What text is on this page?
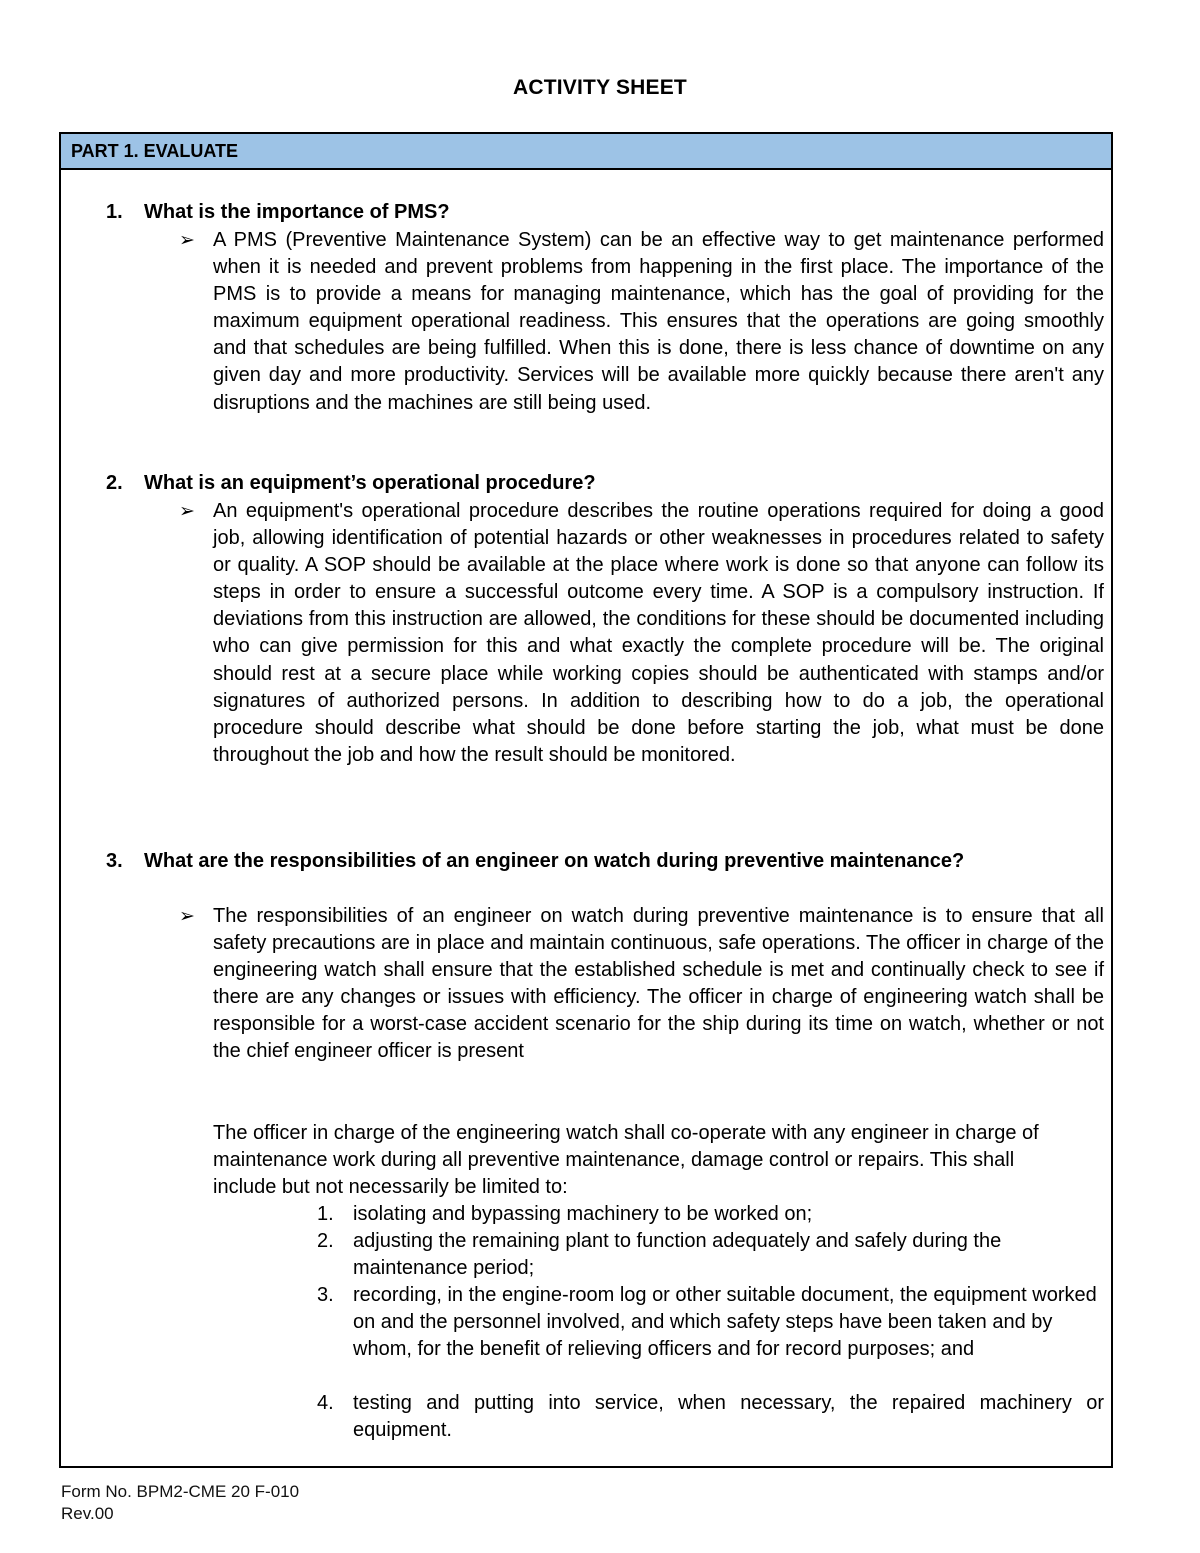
ACTIVITY SHEET
PART 1. EVALUATE
1. What is the importance of PMS?
➢ A PMS (Preventive Maintenance System) can be an effective way to get maintenance performed when it is needed and prevent problems from happening in the first place. The importance of the PMS is to provide a means for managing maintenance, which has the goal of providing for the maximum equipment operational readiness. This ensures that the operations are going smoothly and that schedules are being fulfilled. When this is done, there is less chance of downtime on any given day and more productivity. Services will be available more quickly because there aren't any disruptions and the machines are still being used.
2. What is an equipment’s operational procedure?
➢ An equipment's operational procedure describes the routine operations required for doing a good job, allowing identification of potential hazards or other weaknesses in procedures related to safety or quality. A SOP should be available at the place where work is done so that anyone can follow its steps in order to ensure a successful outcome every time. A SOP is a compulsory instruction. If deviations from this instruction are allowed, the conditions for these should be documented including who can give permission for this and what exactly the complete procedure will be. The original should rest at a secure place while working copies should be authenticated with stamps and/or signatures of authorized persons. In addition to describing how to do a job, the operational procedure should describe what should be done before starting the job, what must be done throughout the job and how the result should be monitored.
3. What are the responsibilities of an engineer on watch during preventive maintenance?
➢ The responsibilities of an engineer on watch during preventive maintenance is to ensure that all safety precautions are in place and maintain continuous, safe operations. The officer in charge of the engineering watch shall ensure that the established schedule is met and continually check to see if there are any changes or issues with efficiency. The officer in charge of engineering watch shall be responsible for a worst-case accident scenario for the ship during its time on watch, whether or not the chief engineer officer is present
The officer in charge of the engineering watch shall co-operate with any engineer in charge of maintenance work during all preventive maintenance, damage control or repairs. This shall include but not necessarily be limited to:
1. isolating and bypassing machinery to be worked on;
2. adjusting the remaining plant to function adequately and safely during the maintenance period;
3. recording, in the engine-room log or other suitable document, the equipment worked on and the personnel involved, and which safety steps have been taken and by whom, for the benefit of relieving officers and for record purposes; and
4. testing and putting into service, when necessary, the repaired machinery or equipment.
Form No. BPM2-CME 20 F-010
Rev.00
